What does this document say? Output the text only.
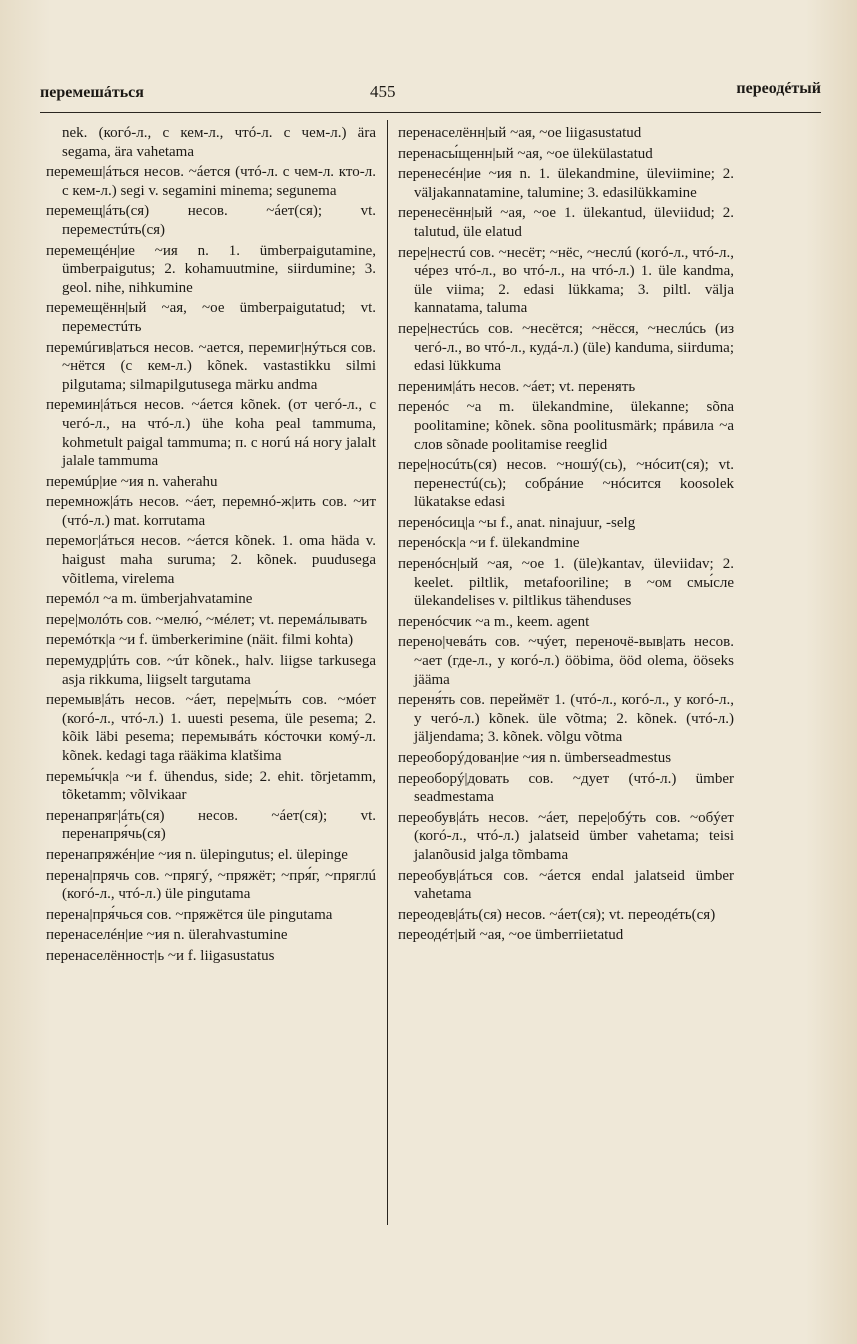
перемешáться	455	переодéтый
nek. (когó-л., с кем-л., чтó-л. с чем-л.) ära segama, ära vahetama
перемеш|áться несов. ~áется (чтó-л. с чем-л. кто-л. с кем-л.) segi v. segamini minema; segunema
перемещ|áть(ся) несов. ~áет(ся); vt. переместúть(ся)
перемещéн|ие ~ия n. 1. ümberpaigutamine, ümberpaigutus; 2. kohamuutmine, siirdumine; 3. geol. nihe, nihkumine
перемещённ|ый ~ая, ~ое ümberpaigutatud; vt. переместúть
перемúгив|аться несов. ~ается, перемиг|нýться сов. ~нётся (с кем-л.) kõnek. vastastikku silmi pilgutama; silmapilgutusega märku andma
перемин|áться несов. ~áется kõnek. (от чегó-л., с чегó-л., на чтó-л.) ühe koha peal tammuma, kohmetult paigal tammuma; п. с ногú нá ногу jalalt jalale tammuma
перемúр|ие ~ия n. vaherahu
перемнож|áть несов. ~áет, перемнó-ж|ить сов. ~ит (чтó-л.) mat. korrutama
перемог|áться несов. ~áется kõnek. 1. oma häda v. haigust maha suruma; 2. kõnek. puudusega võitlema, virelema
перемóл ~а m. ümberjahvatamine
пере|молóть сов. ~мелю́, ~мéлет; vt. перемáлывать
перемóтк|а ~и f. ümberkerimine (näit. filmi kohta)
перемудр|úть сов. ~úт kõnek., halv. liigse tarkusega asja rikkuma, liigselt targutama
перемыв|áть несов. ~áет, пере|мы́ть сов. ~мóет (когó-л., чтó-л.) 1. uuesti pesema, üle pesema; 2. kõik läbi pesema; перемывáть кóсточки комý-л. kõnek. kedagi taga rääkima klatšima
перемы́чк|а ~и f. ühendus, side; 2. ehit. tõrjetamm, tõketamm; võlvikaar
перенапряг|áть(ся) несов. ~áет(ся); vt. перенапря́чь(ся)
перенапряжéн|ие ~ия n. ülepingutus; el. ülepinge
перена|прячь сов. ~прягý, ~пряжёт; ~пря́г, ~пряглú (когó-л., чтó-л.) üle pingutama
перена|пря́чься сов. ~пряжётся üle pingutama
перенаселéн|ие ~ия n. ülerahvastumine
перенаселённост|ь ~и f. liigasustatus
перенаселённ|ый ~ая, ~ое liigasustatud
перенасы́щенн|ый ~ая, ~ое ülekülastatud
перенесéн|ие ~ия n. 1. ülekandmine, üleviimine; 2. väljakannatamine, talumine; 3. edasilükkamine
перенесённ|ый ~ая, ~ое 1. ülekantud, üleviidud; 2. talutud, üle elatud
пере|нестú сов. ~несёт; ~нёс, ~неслú (когó-л., чтó-л., чéрез чтó-л., во чтó-л., на чтó-л.) 1. üle kandma, üle viima; 2. edasi lükkama; 3. piltl. välja kannatama, taluma
пере|нестúсь сов. ~несётся; ~нёсся, ~неслúсь (из чегó-л., во чтó-л., кудá-л.) (üle) kanduma, siirduma; edasi lükkuma
переним|áть несов. ~áет; vt. перенять
перенóс ~а m. ülekandmine, ülekanne; sõna poolitamine; kõnek. sõna poolitusmärk; прáвила ~а слов sõnade poolitamise reeglid
пере|носúть(ся) несов. ~ношý(сь), ~нóсит(ся); vt. перенестú(сь); собрáние ~нóсится koosolek lükatakse edasi
перенóсиц|а ~ы f., anat. ninajuur, -selg
перенóск|а ~и f. ülekandmine
перенóсн|ый ~ая, ~ое 1. (üle)kantav, üleviidav; 2. keelet. piltlik, metafooriline; в ~ом смы́сле ülekandelises v. piltlikus tähenduses
перенóсчик ~а m., keem. agent
перено|чевáть сов. ~чýет, переночё-выв|ать несов. ~ает (где-л., у когó-л.) ööbima, ööd olema, ööseks jääma
переня́ть сов. переймёт 1. (чтó-л., когó-л., у когó-л., у чегó-л.) kõnek. üle võtma; 2. kõnek. (чтó-л.) jäljendama; 3. kõnek. võlgu võtma
переоборýдован|ие ~ия n. ümberseadmestus
переоборý|довать сов. ~дует (чтó-л.) ümber seadmestama
переобув|áть несов. ~áет, пере|обýть сов. ~обýет (когó-л., чтó-л.) jalatseid ümber vahetama; teisi jalanõusid jalga tõmbama
переобув|áться сов. ~áется endal jalatseid ümber vahetama
переодев|áть(ся) несов. ~áет(ся); vt. переодéть(ся)
переодéт|ый ~ая, ~ое ümberriietatud
